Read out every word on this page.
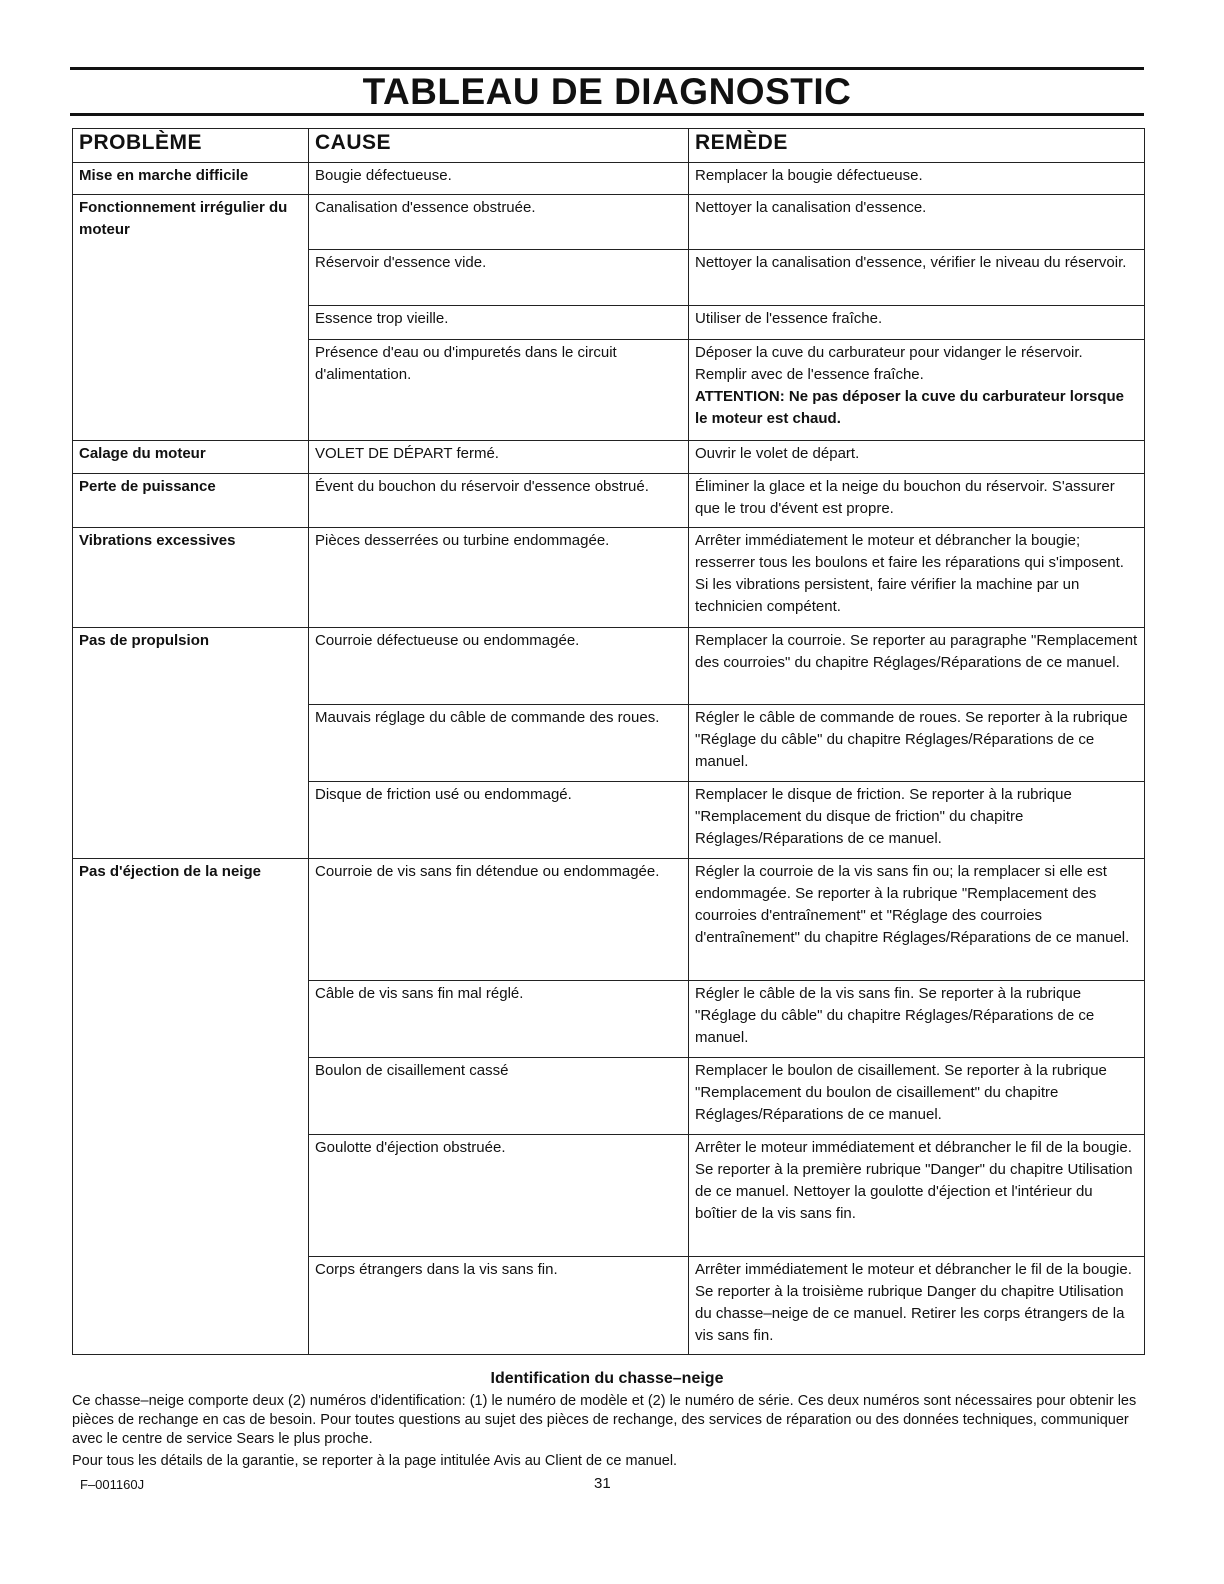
TABLEAU DE DIAGNOSTIC
PROBLÈME	CAUSE	REMÈDE
Mise en marche difficile	Bougie défectueuse.	Remplacer la bougie défectueuse.
Fonctionnement irrégulier du moteur	Canalisation d'essence obstruée.	Nettoyer la canalisation d'essence.
	Réservoir d'essence vide.	Nettoyer la canalisation d'essence, vérifier le niveau du réservoir.
	Essence trop vieille.	Utiliser de l'essence fraîche.
	Présence d'eau ou d'impuretés dans le circuit d'alimentation.	Déposer la cuve du carburateur pour vidanger le réservoir. Remplir avec de l'essence fraîche.
ATTENTION: Ne pas déposer la cuve du carburateur lorsque le moteur est chaud.
Calage du moteur	VOLET DE DÉPART fermé.	Ouvrir le volet de départ.
Perte de puissance	Évent du bouchon du réservoir d'essence obstrué.	Éliminer la glace et la neige du bouchon du réservoir. S'assurer que le trou d'évent est propre.
Vibrations excessives	Pièces desserrées ou turbine endommagée.	Arrêter immédiatement le moteur et débrancher la bougie; resserrer tous les boulons et faire les réparations qui s'imposent. Si les vibrations persistent, faire vérifier la machine par un technicien compétent.
Pas de propulsion	Courroie défectueuse ou endommagée.	Remplacer la courroie. Se reporter au paragraphe "Remplacement des courroies" du chapitre Réglages/Réparations de ce manuel.
	Mauvais réglage du câble de commande des roues.	Régler le câble de commande de roues. Se reporter à la rubrique "Réglage du câble" du chapitre Réglages/Réparations de ce manuel.
	Disque de friction usé ou endommagé.	Remplacer le disque de friction. Se reporter à la rubrique "Remplacement du disque de friction" du chapitre Réglages/Réparations de ce manuel.
Pas d'éjection de la neige	Courroie de vis sans fin détendue ou endommagée.	Régler la courroie de la vis sans fin ou; la remplacer si elle est endommagée. Se reporter à la rubrique "Remplacement des courroies d'entraînement" et "Réglage des courroies d'entraînement" du chapitre Réglages/Réparations de ce manuel.
	Câble de vis sans fin mal réglé.	Régler le câble de la vis sans fin. Se reporter à la rubrique "Réglage du câble" du chapitre Réglages/Réparations de ce manuel.
	Boulon de cisaillement cassé	Remplacer le boulon de cisaillement. Se reporter à la rubrique "Remplacement du boulon de cisaillement" du chapitre Réglages/Réparations de ce manuel.
	Goulotte d'éjection obstruée.	Arrêter le moteur immédiatement et débrancher le fil de la bougie. Se reporter à la première rubrique "Danger" du chapitre Utilisation de ce manuel. Nettoyer la goulotte d'éjection et l'intérieur du boîtier de la vis sans fin.
	Corps étrangers dans la vis sans fin.	Arrêter immédiatement le moteur et débrancher le fil de la bougie. Se reporter à la troisième rubrique Danger du chapitre Utilisation du chasse–neige de ce manuel. Retirer les corps étrangers de la vis sans fin.
Identification du chasse–neige
Ce chasse–neige comporte deux (2) numéros d'identification: (1) le numéro de modèle et (2) le numéro de série. Ces deux numéros sont nécessaires pour obtenir les pièces de rechange en cas de besoin. Pour toutes questions au sujet des pièces de rechange, des services de réparation ou des données techniques, communiquer avec le centre de service Sears le plus proche.
Pour tous les détails de la garantie, se reporter à la page intitulée Avis au Client de ce manuel.
F–001160J	31
